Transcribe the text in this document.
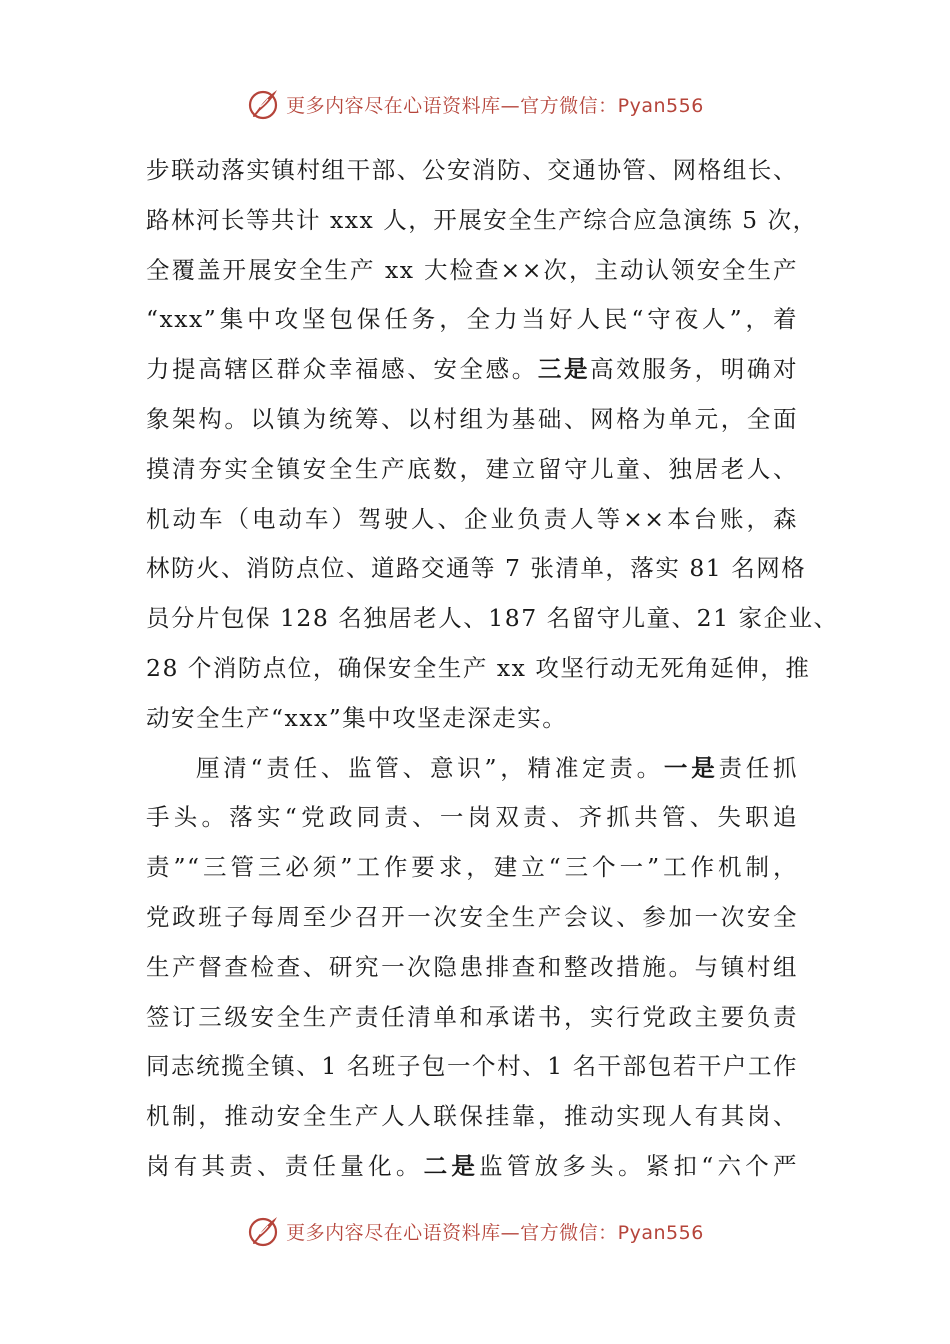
更多内容尽在心语资料库—官方微信：Pyan556
步联动落实镇村组干部、公安消防、交通协管、网格组长、
路林河长等共计 xxx 人，开展安全生产综合应急演练 5 次，
全覆盖开展安全生产 xx 大检查××次，主动认领安全生产
“xxx”集中攻坚包保任务，全力当好人民“守夜人”，着
力提高辖区群众幸福感、安全感。三是高效服务，明确对
象架构。以镇为统筹、以村组为基础、网格为单元，全面
摸清夯实全镇安全生产底数，建立留守儿童、独居老人、
机动车（电动车）驾驶人、企业负责人等××本台账，森
林防火、消防点位、道路交通等 7 张清单，落实 81 名网格
员分片包保 128 名独居老人、187 名留守儿童、21 家企业、
28 个消防点位，确保安全生产 xx 攻坚行动无死角延伸，推
动安全生产“xxx”集中攻坚走深走实。
厘清“责任、监管、意识”，精准定责。一是责任抓
手头。落实“党政同责、一岗双责、齐抓共管、失职追
责”“三管三必须”工作要求，建立“三个一”工作机制，
党政班子每周至少召开一次安全生产会议、参加一次安全
生产督查检查、研究一次隐患排查和整改措施。与镇村组
签订三级安全生产责任清单和承诺书，实行党政主要负责
同志统揽全镇、1 名班子包一个村、1 名干部包若干户工作
机制，推动安全生产人人联保挂靠，推动实现人有其岗、
岗有其责、责任量化。二是监管放多头。紧扣“六个严
更多内容尽在心语资料库—官方微信：Pyan556
